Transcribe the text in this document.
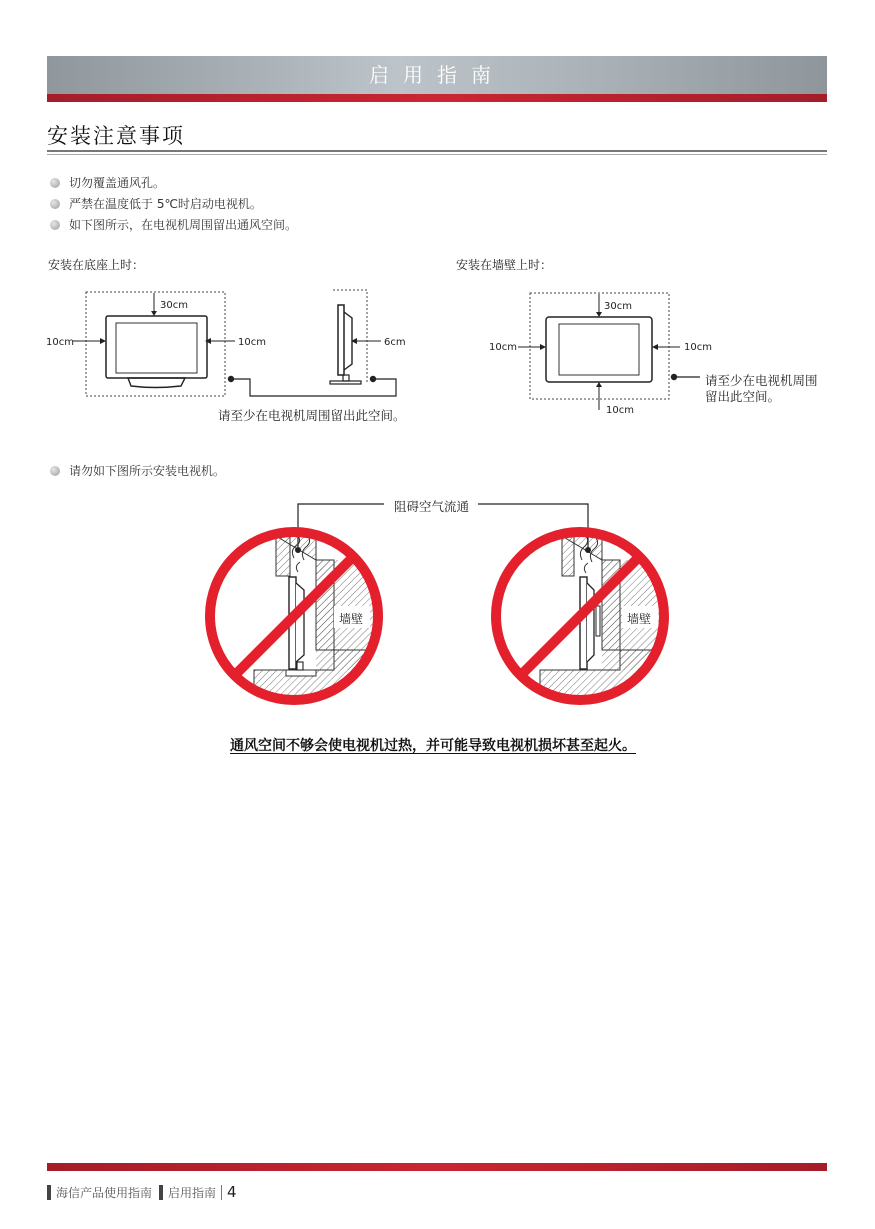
启用指南
安装注意事项
切勿覆盖通风孔。
严禁在温度低于 5℃时启动电视机。
如下图所示，在电视机周围留出通风空间。
安装在底座上时：	安装在墙壁上时：
30cm
10cm	10cm	6cm
30cm
10cm	10cm
10cm
请至少在电视机周围留出此空间。
请至少在电视机周围
留出此空间。
请勿如下图所示安装电视机。
阻碍空气流通
墙壁	墙壁
通风空间不够会使电视机过热，并可能导致电视机损坏甚至起火。
海信产品使用指南 启用指南 4
